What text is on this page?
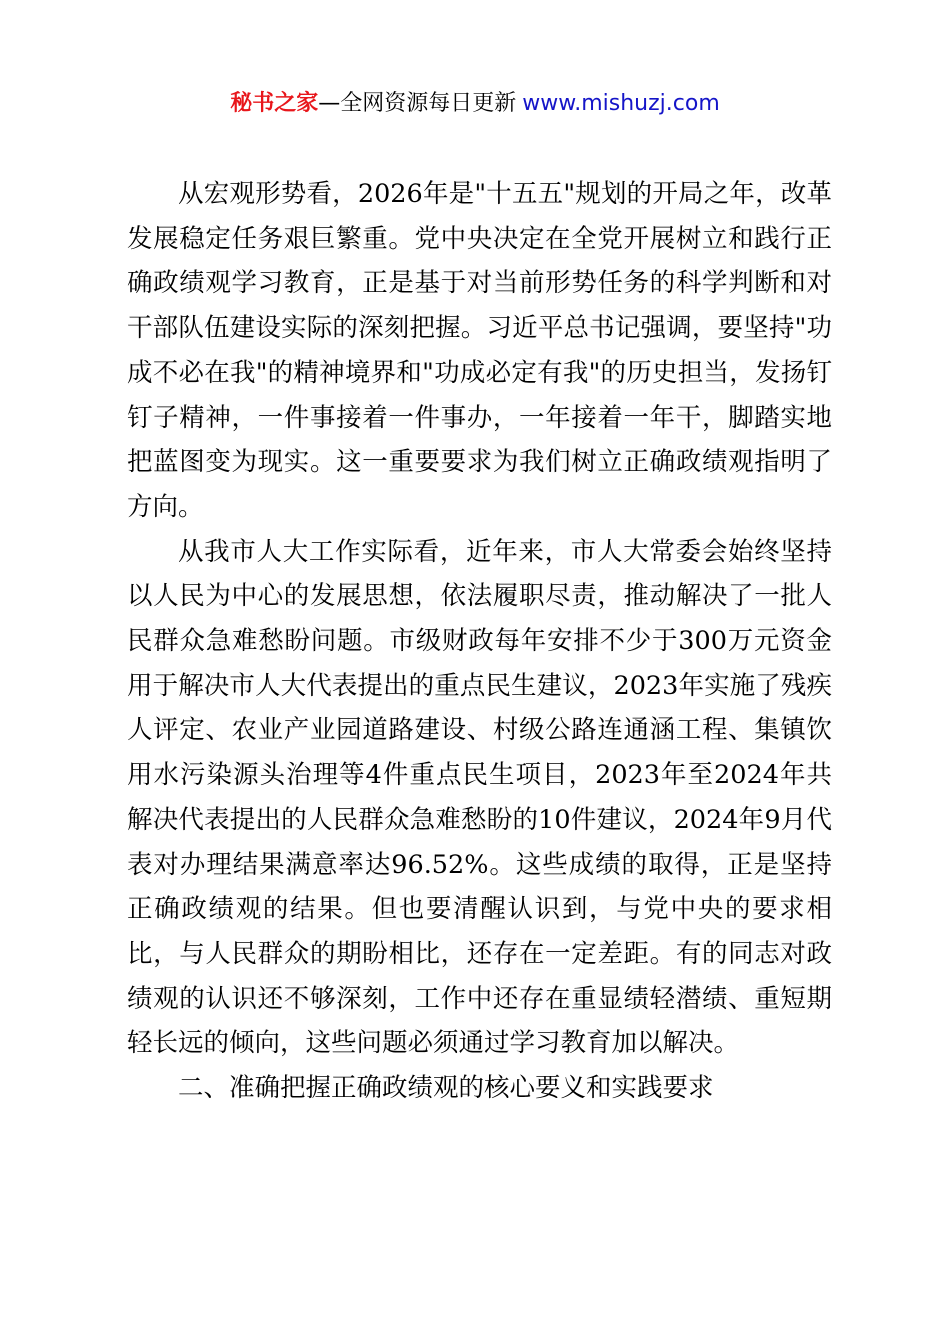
秘书之家—全网资源每日更新 www.mishuzj.com

从宏观形势看，2026年是"十五五"规划的开局之年，改革发展稳定任务艰巨繁重。党中央决定在全党开展树立和践行正确政绩观学习教育，正是基于对当前形势任务的科学判断和对干部队伍建设实际的深刻把握。习近平总书记强调，要坚持"功成不必在我"的精神境界和"功成必定有我"的历史担当，发扬钉钉子精神，一件事接着一件事办，一年接着一年干，脚踏实地把蓝图变为现实。这一重要要求为我们树立正确政绩观指明了方向。

从我市人大工作实际看，近年来，市人大常委会始终坚持以人民为中心的发展思想，依法履职尽责，推动解决了一批人民群众急难愁盼问题。市级财政每年安排不少于300万元资金用于解决市人大代表提出的重点民生建议，2023年实施了残疾人评定、农业产业园道路建设、村级公路连通涵工程、集镇饮用水污染源头治理等4件重点民生项目，2023年至2024年共解决代表提出的人民群众急难愁盼的10件建议，2024年9月代表对办理结果满意率达96.52%。这些成绩的取得，正是坚持正确政绩观的结果。但也要清醒认识到，与党中央的要求相比，与人民群众的期盼相比，还存在一定差距。有的同志对政绩观的认识还不够深刻，工作中还存在重显绩轻潜绩、重短期轻长远的倾向，这些问题必须通过学习教育加以解决。

二、准确把握正确政绩观的核心要义和实践要求
